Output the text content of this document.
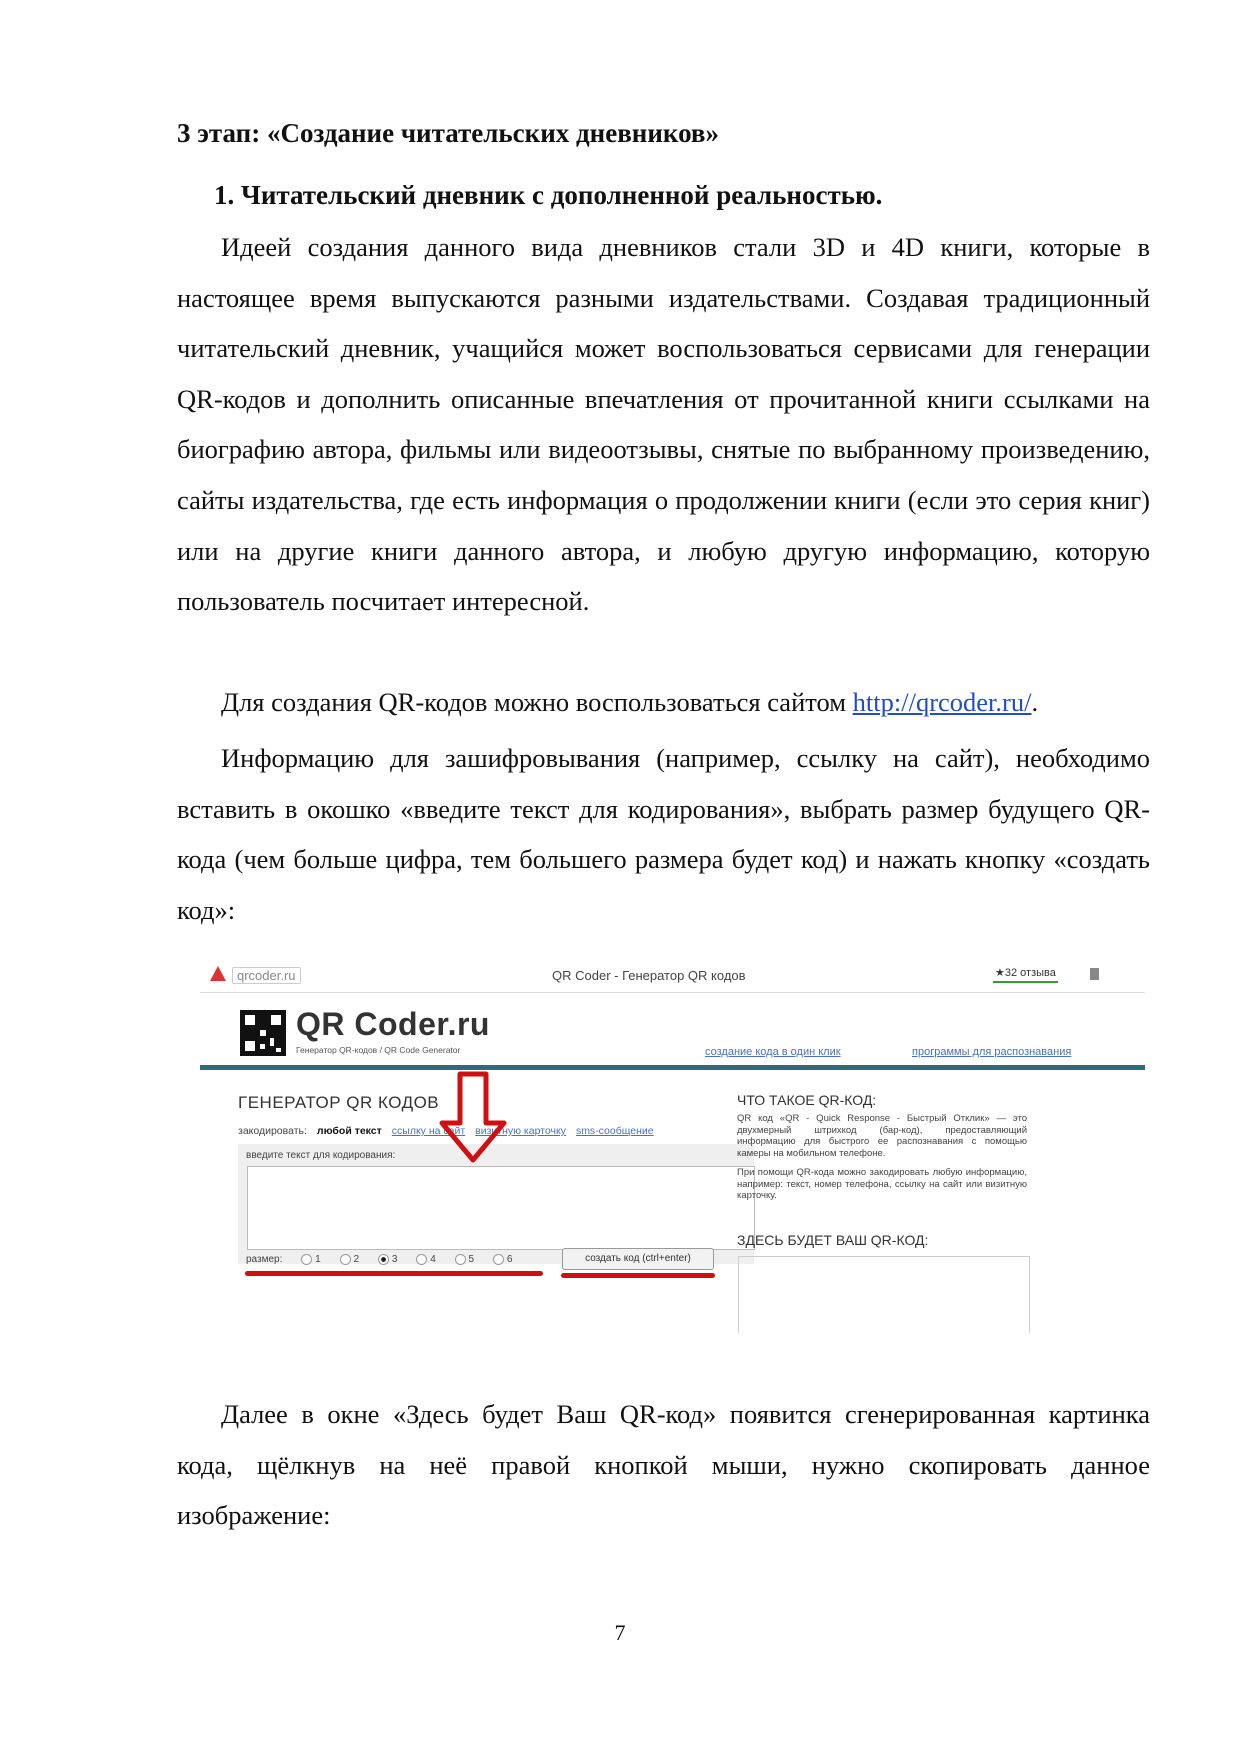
3 этап: «Создание читательских дневников»
1. Читательский дневник с дополненной реальностью.

Идеей создания данного вида дневников стали 3D и 4D книги, которые в настоящее время выпускаются разными издательствами. Создавая традиционный читательский дневник, учащийся может воспользоваться сервисами для генерации QR-кодов и дополнить описанные впечатления от прочитанной книги ссылками на биографию автора, фильмы или видеоотзывы, снятые по выбранному произведению, сайты издательства, где есть информация о продолжении книги (если это серия книг) или на другие книги данного автора, и любую другую информацию, которую пользователь посчитает интересной.

Для создания QR-кодов можно воспользоваться сайтом http://qrcoder.ru/.

Информацию для зашифровывания (например, ссылку на сайт), необходимо вставить в окошко «введите текст для кодирования», выбрать размер будущего QR-кода (чем больше цифра, тем большего размера будет код) и нажать кнопку «создать код»:

qrcoder.ru	QR Coder - Генератор QR кодов	★32 отзыва
QR Coder.ru
Генератор QR-кодов / QR Code Generator	создание кода в один клик	программы для распознавания
ГЕНЕРАТОР QR КОДОВ
закодировать: любой текст ссылку на сайт визитную карточку sms-сообщение
введите текст для кодирования:
размер:	1	2	3	4	5	6	создать код (ctrl+enter)
ЧТО ТАКОЕ QR-КОД:

QR код «QR - Quick Response - Быстрый Отклик» — это двухмерный штрихкод (бар-код), предоставляющий информацию для быстрого ее распознавания с помощью камеры на мобильном телефоне.

При помощи QR-кода можно закодировать любую информацию, например: текст, номер телефона, ссылку на сайт или визитную карточку.

ЗДЕСЬ БУДЕТ ВАШ QR-КОД:

Далее в окне «Здесь будет Ваш QR-код» появится сгенерированная картинка кода, щёлкнув на неё правой кнопкой мыши, нужно скопировать данное изображение:

7
